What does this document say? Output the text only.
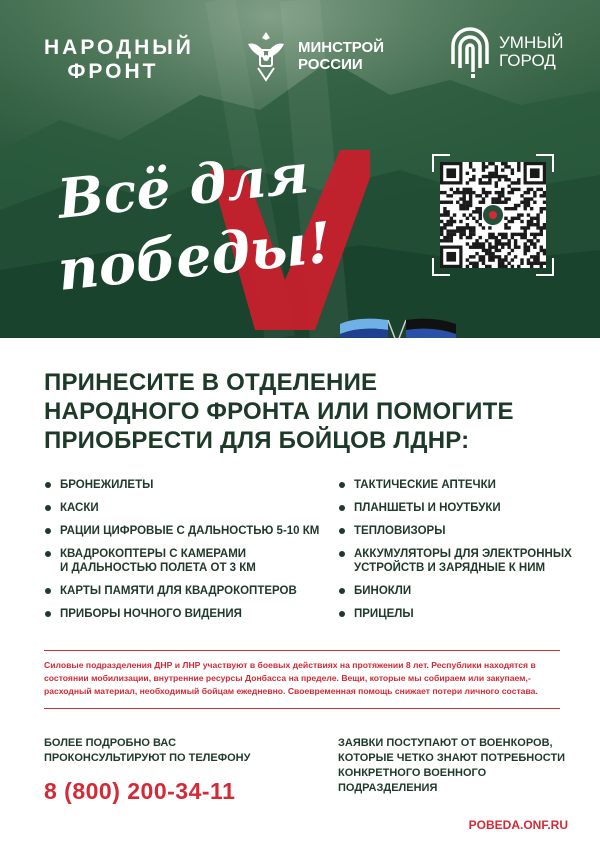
НАРОДНЫЙ
ФРОНТ
МИНСТРОЙ
РОССИИ
УМНЫЙ
ГОРОД
Всё для
победы!
ПРИНЕСИТЕ В ОТДЕЛЕНИЕ
НАРОДНОГО ФРОНТА ИЛИ ПОМОГИТЕ
ПРИОБРЕСТИ ДЛЯ БОЙЦОВ ЛДНР:
БРОНЕЖИЛЕТЫ
КАСКИ
РАЦИИ ЦИФРОВЫЕ С ДАЛЬНОСТЬЮ 5-10 КМ
КВАДРОКОПТЕРЫ С КАМЕРАМИ
И ДАЛЬНОСТЬЮ ПОЛЕТА ОТ 3 КМ
КАРТЫ ПАМЯТИ ДЛЯ КВАДРОКОПТЕРОВ
ПРИБОРЫ НОЧНОГО ВИДЕНИЯ
ТАКТИЧЕСКИЕ АПТЕЧКИ
ПЛАНШЕТЫ И НОУТБУКИ
ТЕПЛОВИЗОРЫ
АККУМУЛЯТОРЫ ДЛЯ ЭЛЕКТРОННЫХ
УСТРОЙСТВ И ЗАРЯДНЫЕ К НИМ
БИНОКЛИ
ПРИЦЕЛЫ
Силовые подразделения ДНР и ЛНР участвуют в боевых действиях на протяжении 8 лет. Республики находятся в состоянии мобилизации, внутренние ресурсы Донбасса на пределе. Вещи, которые мы собираем или закупаем,- расходный материал, необходимый бойцам ежедневно. Своевременная помощь снижает потери личного состава.
БОЛЕЕ ПОДРОБНО ВАС
ПРОКОНСУЛЬТИРУЮТ ПО ТЕЛЕФОНУ
8 (800) 200-34-11
ЗАЯВКИ ПОСТУПАЮТ ОТ ВОЕНКОРОВ,
КОТОРЫЕ ЧЕТКО ЗНАЮТ ПОТРЕБНОСТИ
КОНКРЕТНОГО ВОЕННОГО ПОДРАЗДЕЛЕНИЯ
POBEDA.ONF.RU
